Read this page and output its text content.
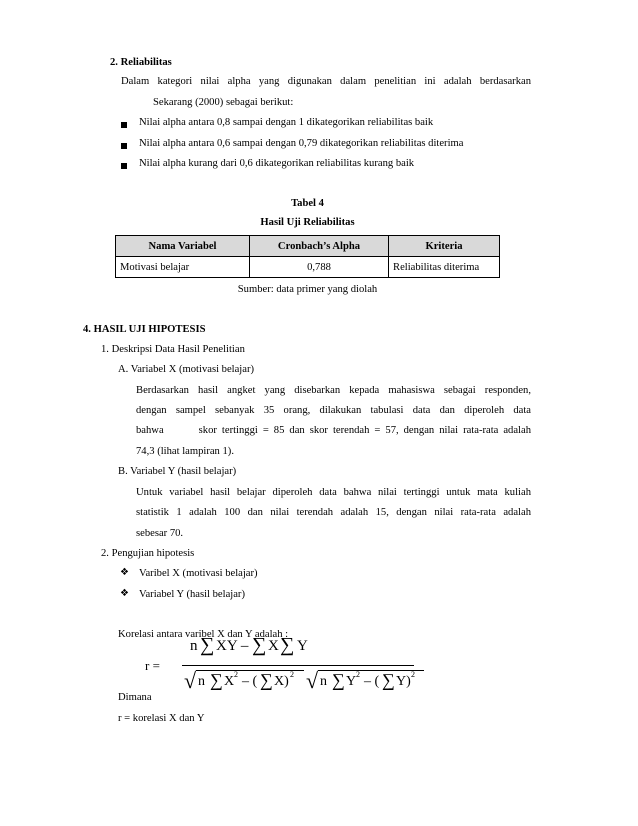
2. Reliabilitas
Dalam kategori nilai alpha yang digunakan dalam penelitian ini adalah berdasarkan
Sekarang (2000) sebagai berikut:
Nilai alpha antara 0,8 sampai dengan 1 dikategorikan reliabilitas baik
Nilai alpha antara 0,6 sampai dengan 0,79 dikategorikan reliabilitas diterima
Nilai alpha kurang dari 0,6 dikategorikan reliabilitas kurang baik
Tabel 4
Hasil Uji Reliabilitas
Nama Variabel	Cronbach’s Alpha	Kriteria
Motivasi belajar	0,788	Reliabilitas diterima
Sumber: data primer yang diolah
4. HASIL UJI HIPOTESIS
1. Deskripsi Data Hasil Penelitian
A. Variabel X (motivasi belajar)
Berdasarkan hasil angket yang disebarkan kepada mahasiswa sebagai responden,
dengan sampel sebanyak 35 orang, dilakukan tabulasi data dan diperoleh data
bahwa       skor tertinggi = 85 dan skor terendah = 57, dengan nilai rata-rata adalah
74,3 (lihat lampiran 1).
B. Variabel Y (hasil belajar)
Untuk variabel hasil belajar diperoleh data bahwa nilai tertinggi untuk mata kuliah
statistik 1 adalah 100 dan nilai terendah adalah 15, dengan nilai rata-rata adalah
sebesar 70.
2. Pengujian hipotesis
❖ Varibel X (motivasi belajar)
❖ Variabel Y (hasil belajar)
Korelasi antara varibel X dan Y adalah :
r =
n ∑ XY – ∑ X ∑ Y
√ n ∑ X 2 – ( ∑ X) 2 √ n ∑ Y 2 – ( ∑ Y) 2
Dimana
r = korelasi X dan Y
